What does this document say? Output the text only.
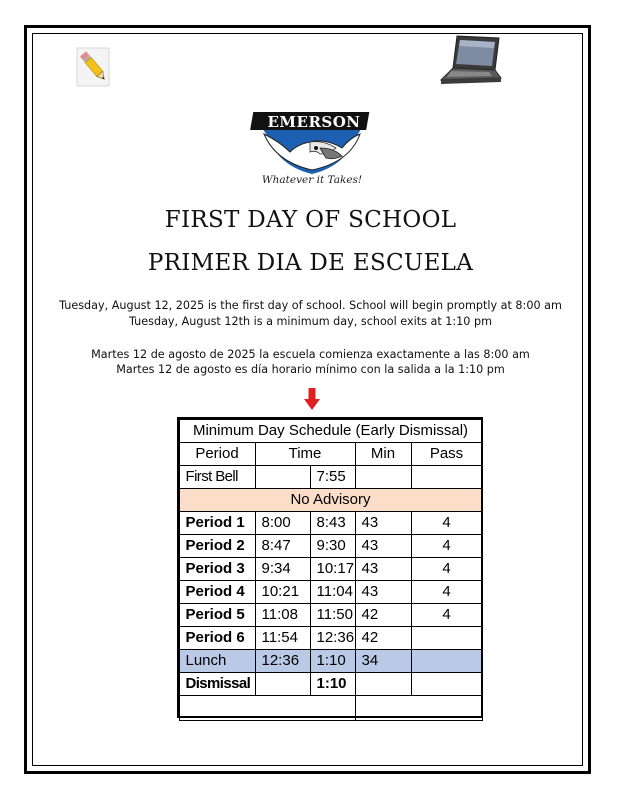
EMERSON
Whatever it Takes!
FIRST DAY OF SCHOOL
PRIMER DIA DE ESCUELA
Tuesday, August 12, 2025 is the first day of school. School will begin promptly at 8:00 am
Tuesday, August 12th is a minimum day, school exits at 1:10 pm
Martes 12 de agosto de 2025 la escuela comienza exactamente a las 8:00 am
Martes 12 de agosto es día horario mínimo con la salida a la 1:10 pm
Minimum Day Schedule (Early Dismissal)				
Period	Time		Min	Pass
First Bell		7:55		
No Advisory				
Period 1	8:00	8:43	43	4
Period 2	8:47	9:30	43	4
Period 3	9:34	10:17	43	4
Period 4	10:21	11:04	43	4
Period 5	11:08	11:50	42	4
Period 6	11:54	12:36	42	
Lunch	12:36	1:10	34	
Dismissal		1:10		
